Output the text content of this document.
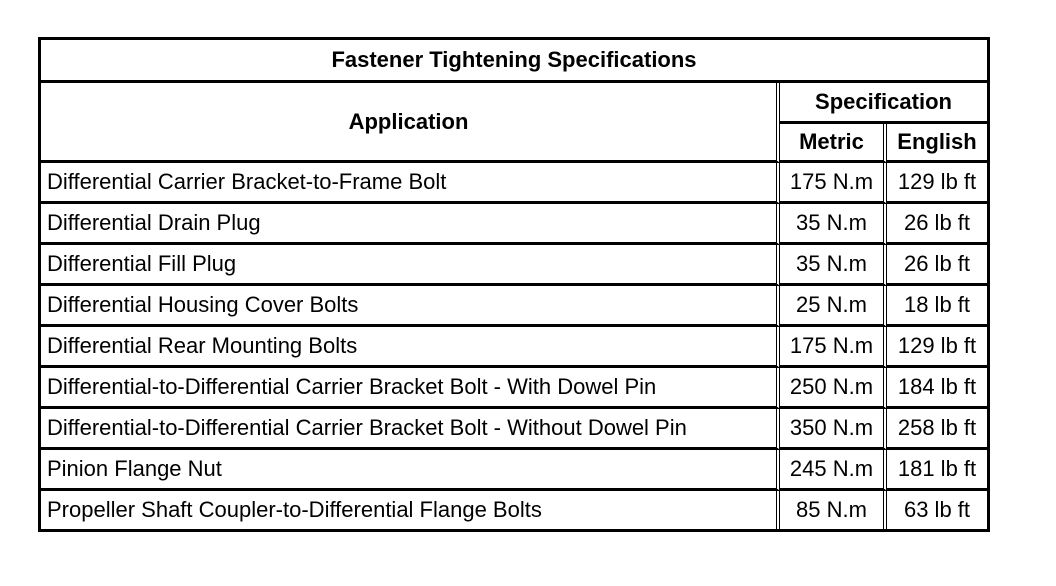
Fastener Tightening Specifications		
Application	Specification	
	Metric	English
Differential Carrier Bracket-to-Frame Bolt	175 N.m	129 lb ft
Differential Drain Plug	35 N.m	26 lb ft
Differential Fill Plug	35 N.m	26 lb ft
Differential Housing Cover Bolts	25 N.m	18 lb ft
Differential Rear Mounting Bolts	175 N.m	129 lb ft
Differential-to-Differential Carrier Bracket Bolt - With Dowel Pin	250 N.m	184 lb ft
Differential-to-Differential Carrier Bracket Bolt - Without Dowel Pin	350 N.m	258 lb ft
Pinion Flange Nut	245 N.m	181 lb ft
Propeller Shaft Coupler-to-Differential Flange Bolts	85 N.m	63 lb ft
